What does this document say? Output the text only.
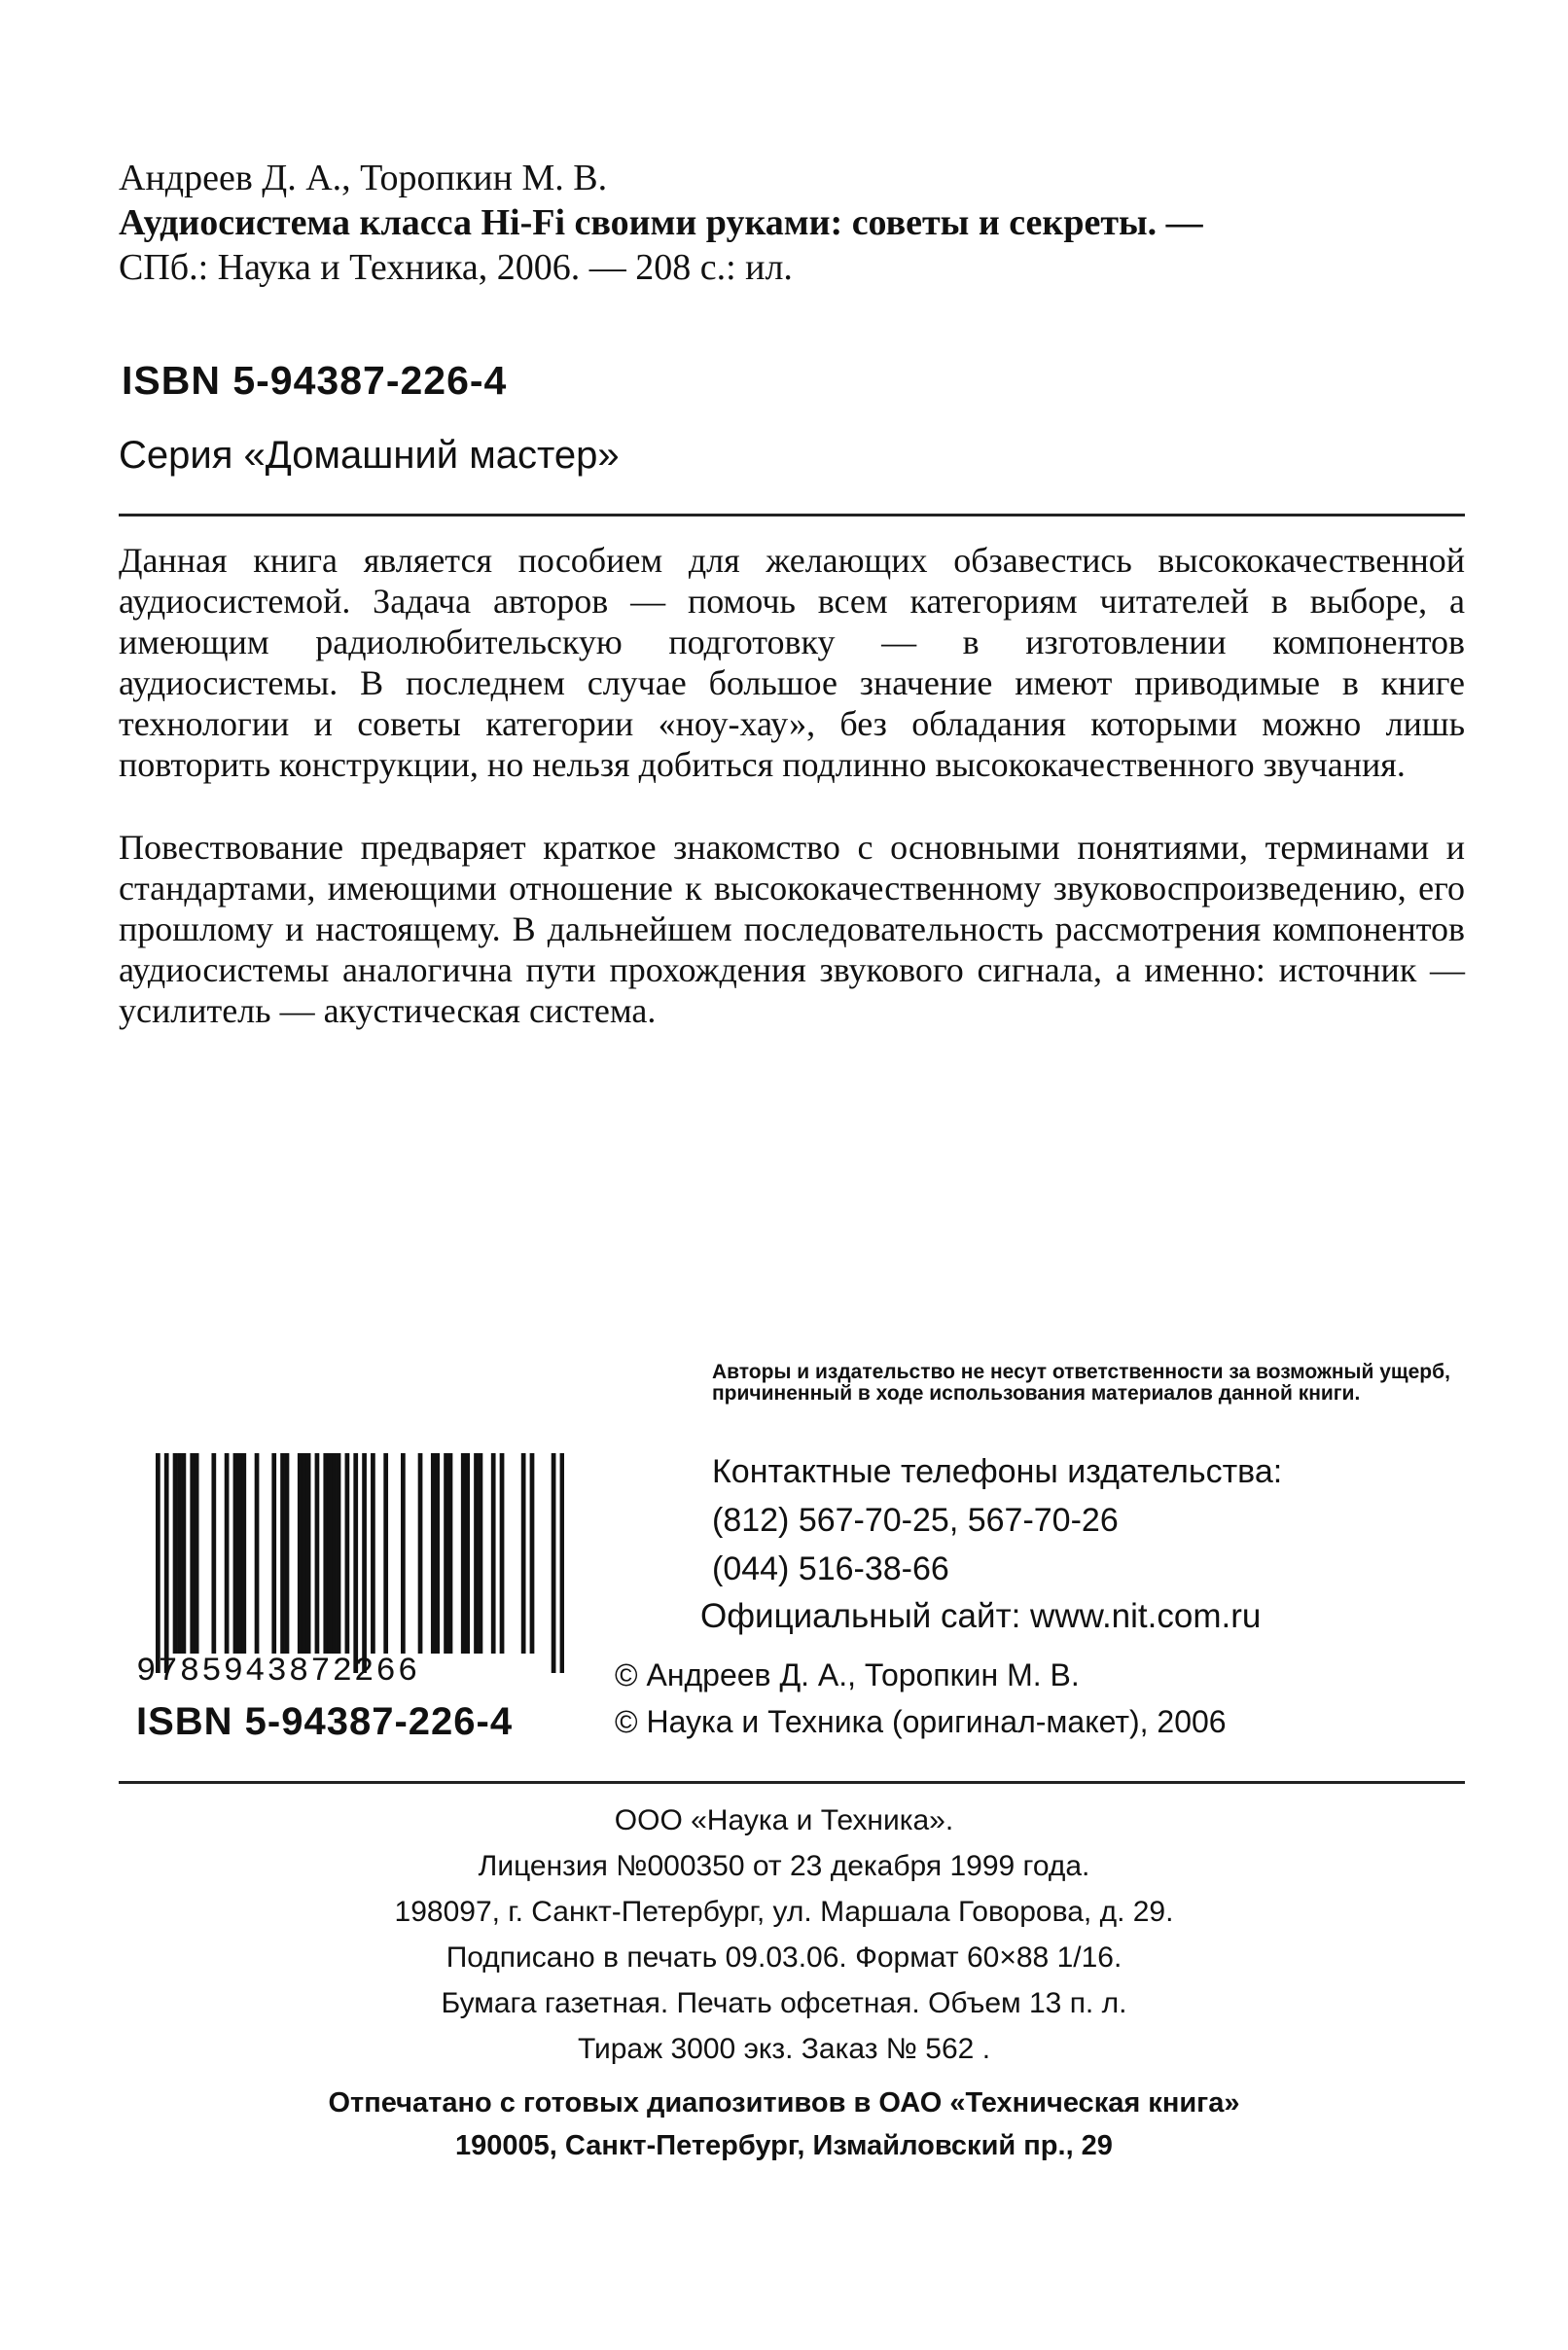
Андреев Д. А., Торопкин М. В.
Аудиосистема класса Hi-Fi своими руками: советы и секреты. —
СПб.: Наука и Техника, 2006. — 208 с.: ил.
ISBN 5-94387-226-4
Серия «Домашний мастер»
Данная книга является пособием для желающих обзавестись высококачественной аудиосистемой. Задача авторов — помочь всем категориям читателей в выборе, а имеющим радиолюбительскую подготовку — в изготовлении компонентов аудиосистемы. В последнем случае большое значение имеют приводимые в книге технологии и советы категории «ноу-хау», без обладания которыми можно лишь повторить конструкции, но нельзя добиться подлинно высококачественного звучания.
Повествование предваряет краткое знакомство с основными понятиями, терминами и стандартами, имеющими отношение к высококачественному звуковоспроизведению, его прошлому и настоящему. В дальнейшем последовательность рассмотрения компонентов аудиосистемы аналогична пути прохождения звукового сигнала, а именно: источник — усилитель — акустическая система.
Авторы и издательство не несут ответственности за возможный ущерб, причиненный в ходе использования материалов данной книги.
Контактные телефоны издательства:
(812) 567-70-25, 567-70-26
(044) 516-38-66
Официальный сайт: www.nit.com.ru
© Андреев Д. А., Торопкин М. В.
© Наука и Техника (оригинал-макет), 2006
9785943872266
ISBN 5-94387-226-4
ООО «Наука и Техника».
Лицензия №000350 от 23 декабря 1999 года.
198097, г. Санкт-Петербург, ул. Маршала Говорова, д. 29.
Подписано в печать 09.03.06. Формат 60×88 1/16.
Бумага газетная. Печать офсетная. Объем 13 п. л.
Тираж 3000 экз. Заказ № 562 .
Отпечатано с готовых диапозитивов в ОАО «Техническая книга»
190005, Санкт-Петербург, Измайловский пр., 29
